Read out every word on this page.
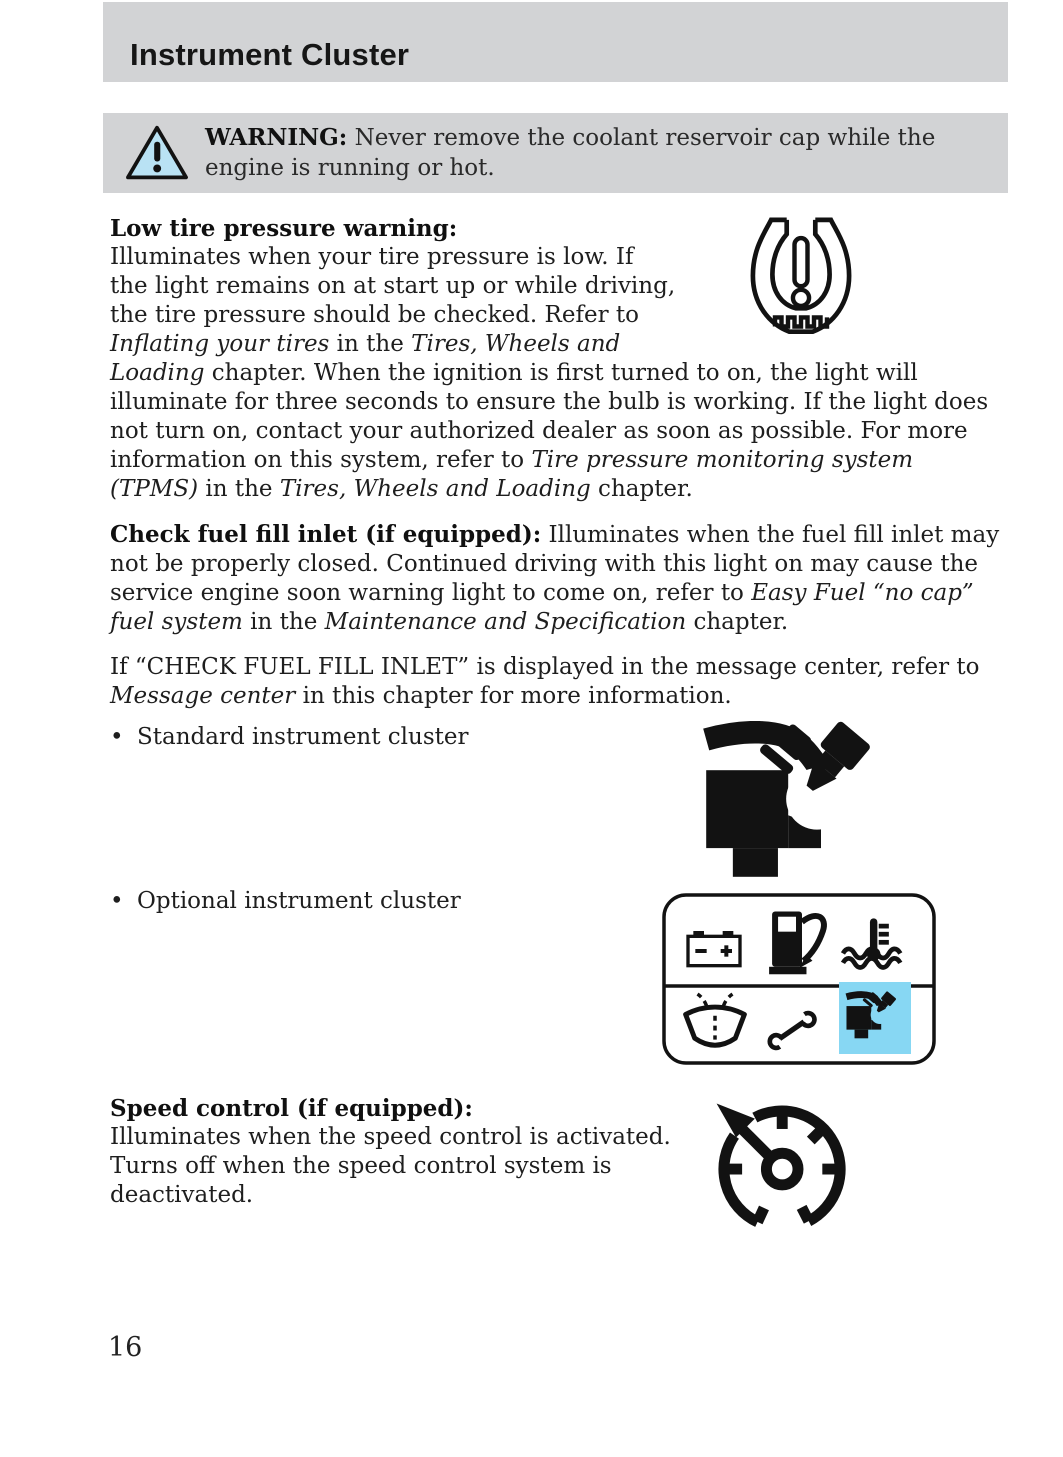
Instrument Cluster
WARNING: Never remove the coolant reservoir cap while the engine is running or hot.

Low tire pressure warning:
Illuminates when your tire pressure is low. If the light remains on at start up or while driving, the tire pressure should be checked. Refer to Inflating your tires in the Tires, Wheels and Loading chapter. When the ignition is first turned to on, the light will illuminate for three seconds to ensure the bulb is working. If the light does not turn on, contact your authorized dealer as soon as possible. For more information on this system, refer to Tire pressure monitoring system (TPMS) in the Tires, Wheels and Loading chapter.

Check fuel fill inlet (if equipped): Illuminates when the fuel fill inlet may not be properly closed. Continued driving with this light on may cause the service engine soon warning light to come on, refer to Easy Fuel “no cap” fuel system in the Maintenance and Specification chapter.

If “CHECK FUEL FILL INLET” is displayed in the message center, refer to Message center in this chapter for more information.

• Standard instrument cluster
• Optional instrument cluster
Speed control (if equipped):
Illuminates when the speed control is activated. Turns off when the speed control system is deactivated.
16
